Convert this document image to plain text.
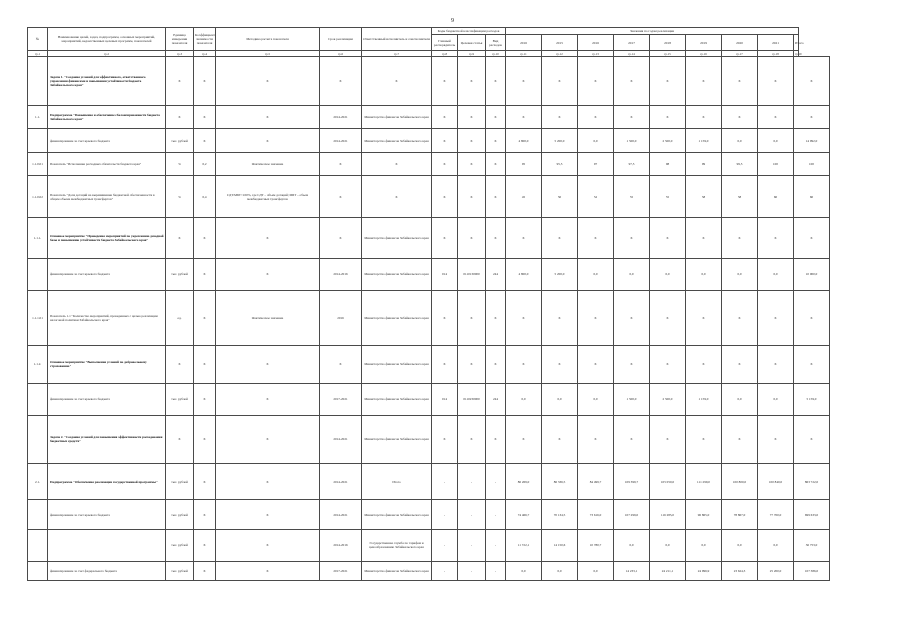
9
№	Наименование целей, задач, подпрограмм, основных мероприятий, мероприятий, ведомственных целевых программ, показателей	Единица измерения показателя	Коэффициент значимости показателя	Методика расчета показателя	Срок реализации	Ответственный исполнитель и соисполнители	Коды бюджетной классификации расходов			Значения по годам реализации								
							Главный распорядитель	Целевая статья	Вид расходов	2016	2015	2016	2017	2018	2019	2020	2021	Итого
гр.1	гр.2	гр.3	гр.4	гр.5	гр.6	гр.7	гр.8	гр.9	гр.10	гр.11	гр.12	гр.13	гр.14	гр.15	гр.16	гр.17	гр.18	гр.19
	Задача 1. "Создание условий для эффективного, ответственного управления финансами и повышения устойчивости бюджета Забайкальского края"	X	X	X	X	X	X	X	X	X	X	X	X	X	X	X	X	X
1.1.	Подпрограмма "Повышение и обеспечение сбалансированности бюджета Забайкальского края"	X	X	X	2014-2021	Министерство финансов Забайкальского края	X	X	X	X	X	X	X	X	X	X	X	X
	финансирование за счет краевого бюджета	тыс. рублей	X	X	2014-2021	Министерство финансов Забайкальского края	X	X	X	4 800,0	5 200,0	0,0	1 500,0	2 500,0	1 159,0	0,0	0,0	14 992,0
1.1.0.01	Показатель "Исполнение расходных обязательств бюджета края"	%	0,2	Фактическое значение	X	X	X	X	X	95	95,5	97	97,5	98	99	99,5	100	100
1.1.0.02	Показатель "Доля дотаций на выравнивание бюджетной обеспеченности в общем объеме межбюджетных трансфертов"	%	0,4	СДТ/МБТ×100%, где СДТ – объем дотаций; МБТ – объем межбюджетных трансфертов	X	X	X	X	X	45	50	52	55	55	58	58	60	60
1.1.1.	Основное мероприятие "Проведение мероприятий по укреплению доходной базы и повышению устойчивости бюджета Забайкальского края"	X	X	X	X	Министерство финансов Забайкальского края	X	X	X	X	X	X	X	X	X	X	X	X
	финансирование за счет краевого бюджета	тыс. рублей	X	X	2014-2016	Министерство финансов Забайкальского края	014	0110130000	244	4 800,0	5 200,0	0,0	0,0	0,0	0,0	0,0	0,0	10 000,0
1.1.1.01	Показатель 1.1 "Количество мероприятий, проведенных с целью реализации налоговой политики Забайкальского края"	ед.	X	Фактическое значение	2016	Министерство финансов Забайкальского края	X	X	X	X	X	X	X	X	X	X	X	X
1.1.2.	Основное мероприятие "Выполнение условий по добровольному страхованию"	X	X	X	X	Министерство финансов Забайкальского края	X	X	X	X	X	X	X	X	X	X	X	X
	финансирование за счет краевого бюджета	тыс. рублей	X	X	2017-2021	Министерство финансов Забайкальского края	014	0110230000	244	0,0	0,0	0,0	1 500,0	2 500,0	1 159,0	0,0	0,0	5 159,0
	Задача 2. "Создание условий для повышения эффективности расходования бюджетных средств"	X	X	X	2014-2021	Министерство финансов Забайкальского края	X	X	X	X	X	X	X	X	X	X	X	X
2.1.	Подпрограмма "Обеспечение реализации государственной программы"	тыс. рублей	X	X	2014-2021	Итого	-	-	-	86 269,0	86 336,5	84 499,7	109 399,7	105 050,0	111 299,0	100 800,0	100 840,0	863 722,0
	финансирование за счет краевого бюджета	тыс. рублей	X	X	2014-2021	Министерство финансов Забайкальского края	-	-	-	74 466,7	70 134,5	73 616,0	107 299,0	116 285,0	96 865,0	78 867,0	77 700,0	699 633,0
		тыс. рублей	X	X	2014-2016	Государственная служба по тарифам и ценообразованию Забайкальского края	-	-	-	11 722,1	14 150,6	10 780,7	0,0	0,0	0,0	0,0	0,0	36 753,0
	финансирование за счет федерального бюджета	тыс. рублей	X	X	2017-2021	Министерство финансов Забайкальского края	-	-	-	0,0	0,0	0,0	14 233,1	24 211,1	24 996,9	23 624,3	25 200,0	107 386,0
